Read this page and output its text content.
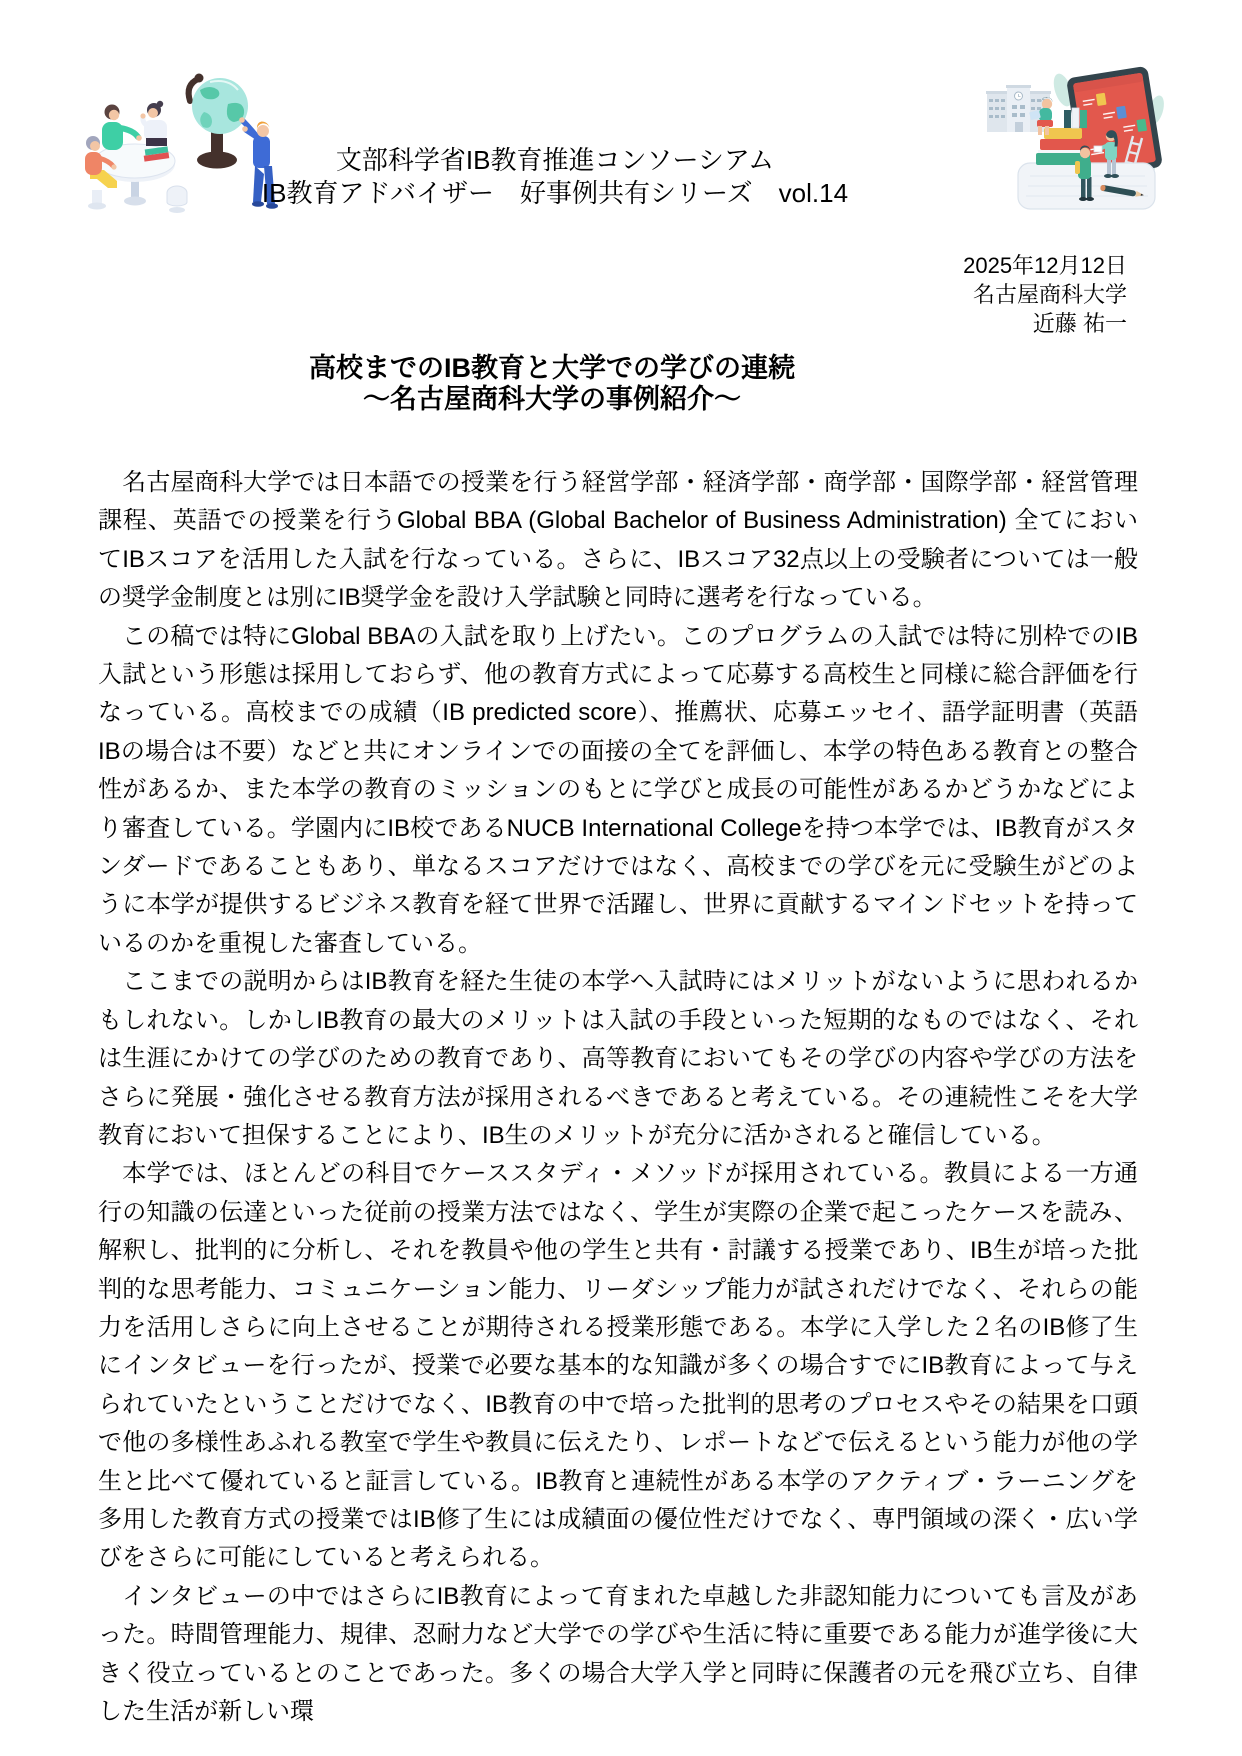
文部科学省IB教育推進コンソーシアム
IB教育アドバイザー　好事例共有シリーズ　vol.14
2025年12月12日
名古屋商科大学
近藤 祐一
高校までのIB教育と大学での学びの連続
～名古屋商科大学の事例紹介～

　名古屋商科大学では日本語での授業を行う経営学部・経済学部・商学部・国際学部・経営管理課程、英語での授業を行うGlobal BBA (Global Bachelor of Business Administration) 全てにおいてIBスコアを活用した入試を行なっている。さらに、IBスコア32点以上の受験者については一般の奨学金制度とは別にIB奨学金を設け入学試験と同時に選考を行なっている。

　この稿では特にGlobal BBAの入試を取り上げたい。このプログラムの入試では特に別枠でのIB入試という形態は採用しておらず、他の教育方式によって応募する高校生と同様に総合評価を行なっている。高校までの成績（IB predicted score）、推薦状、応募エッセイ、語学証明書（英語IBの場合は不要）などと共にオンラインでの面接の全てを評価し、本学の特色ある教育との整合性があるか、また本学の教育のミッションのもとに学びと成長の可能性があるかどうかなどにより審査している。学園内にIB校であるNUCB International Collegeを持つ本学では、IB教育がスタンダードであることもあり、単なるスコアだけではなく、高校までの学びを元に受験生がどのように本学が提供するビジネス教育を経て世界で活躍し、世界に貢献するマインドセットを持っているのかを重視した審査している。

　ここまでの説明からはIB教育を経た生徒の本学へ入試時にはメリットがないように思われるかもしれない。しかしIB教育の最大のメリットは入試の手段といった短期的なものではなく、それは生涯にかけての学びのための教育であり、高等教育においてもその学びの内容や学びの方法をさらに発展・強化させる教育方法が採用されるべきであると考えている。その連続性こそを大学教育において担保することにより、IB生のメリットが充分に活かされると確信している。

　本学では、ほとんどの科目でケーススタディ・メソッドが採用されている。教員による一方通行の知識の伝達といった従前の授業方法ではなく、学生が実際の企業で起こったケースを読み、解釈し、批判的に分析し、それを教員や他の学生と共有・討議する授業であり、IB生が培った批判的な思考能力、コミュニケーション能力、リーダシップ能力が試されだけでなく、それらの能力を活用しさらに向上させることが期待される授業形態である。本学に入学した２名のIB修了生にインタビューを行ったが、授業で必要な基本的な知識が多くの場合すでにIB教育によって与えられていたということだけでなく、IB教育の中で培った批判的思考のプロセスやその結果を口頭で他の多様性あふれる教室で学生や教員に伝えたり、レポートなどで伝えるという能力が他の学生と比べて優れていると証言している。IB教育と連続性がある本学のアクティブ・ラーニングを多用した教育方式の授業ではIB修了生には成績面の優位性だけでなく、専門領域の深く・広い学びをさらに可能にしていると考えられる。

　インタビューの中ではさらにIB教育によって育まれた卓越した非認知能力についても言及があった。時間管理能力、規律、忍耐力など大学での学びや生活に特に重要である能力が進学後に大きく役立っているとのことであった。多くの場合大学入学と同時に保護者の元を飛び立ち、自律した生活が新しい環
